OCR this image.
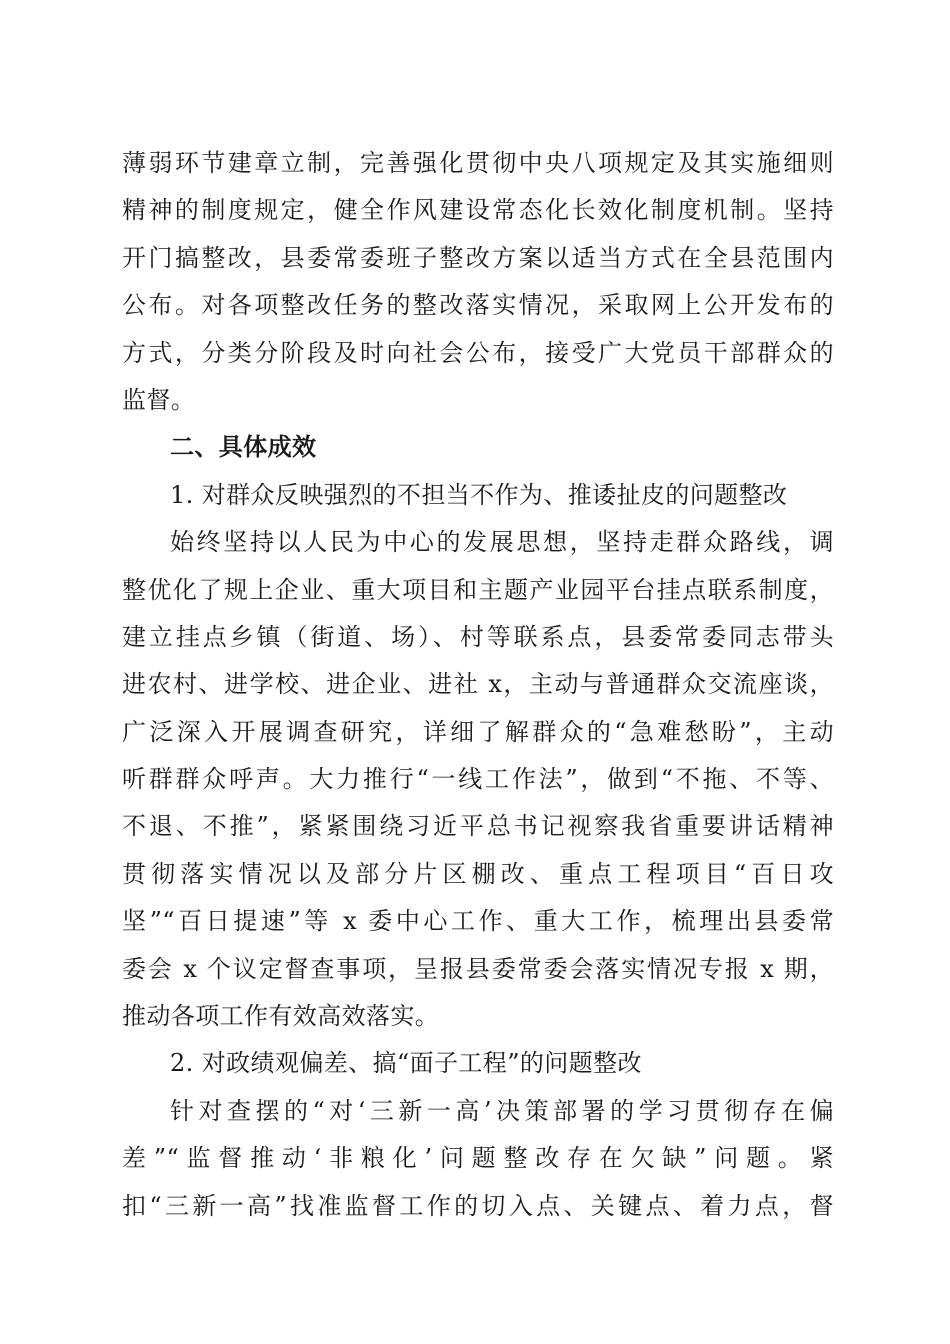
薄弱环节建章立制，完善强化贯彻中央八项规定及其实施细则
精神的制度规定，健全作风建设常态化长效化制度机制。坚持
开门搞整改，县委常委班子整改方案以适当方式在全县范围内
公布。对各项整改任务的整改落实情况，采取网上公开发布的
方式，分类分阶段及时向社会公布，接受广大党员干部群众的
监督。
二、具体成效
1. 对群众反映强烈的不担当不作为、推诿扯皮的问题整改
始终坚持以人民为中心的发展思想，坚持走群众路线，调
整优化了规上企业、重大项目和主题产业园平台挂点联系制度，
建立挂点乡镇（街道、场）、村等联系点，县委常委同志带头
进农村、进学校、进企业、进社 x，主动与普通群众交流座谈，
广泛深入开展调查研究，详细了解群众的“急难愁盼”，主动
听群群众呼声。大力推行“一线工作法”，做到“不拖、不等、
不退、不推”，紧紧围绕习近平总书记视察我省重要讲话精神
贯彻落实情况以及部分片区棚改、重点工程项目“百日攻
坚”“百日提速”等 x 委中心工作、重大工作，梳理出县委常
委会 x 个议定督查事项，呈报县委常委会落实情况专报 x 期，
推动各项工作有效高效落实。
2. 对政绩观偏差、搞“面子工程”的问题整改
针对查摆的“对‘三新一高’决策部署的学习贯彻存在偏
差”“监督推动‘非粮化’问题整改存在欠缺”问题。紧
扣“三新一高”找准监督工作的切入点、关键点、着力点，督
